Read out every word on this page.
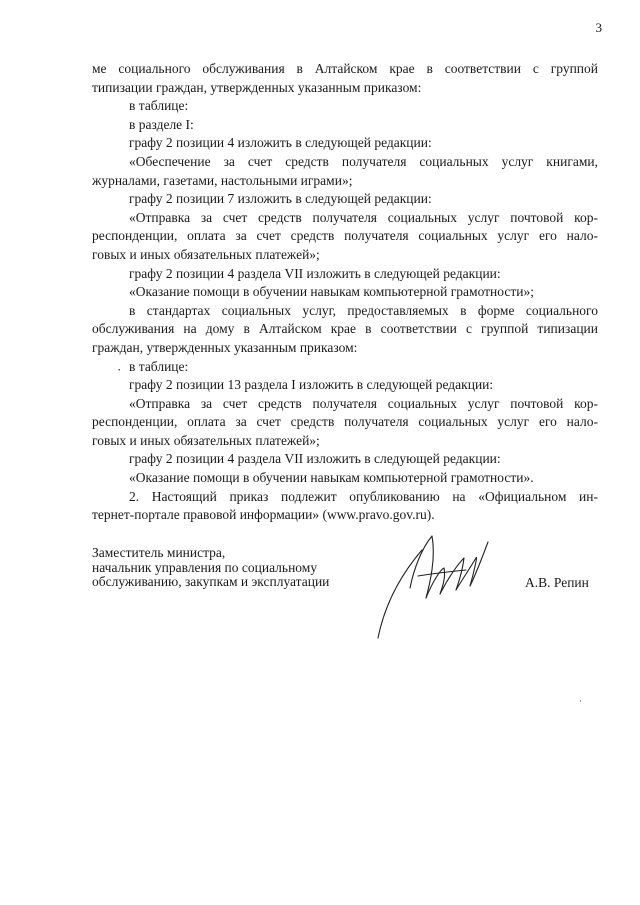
3
ме социального обслуживания в Алтайском крае в соответствии с группой
типизации граждан, утвержденных указанным приказом:
в таблице:
в разделе I:
графу 2 позиции 4 изложить в следующей редакции:
«Обеспечение за счет средств получателя социальных услуг книгами,
журналами, газетами, настольными играми»;
графу 2 позиции 7 изложить в следующей редакции:
«Отправка за счет средств получателя социальных услуг почтовой кор-
респонденции, оплата за счет средств получателя социальных услуг его нало-
говых и иных обязательных платежей»;
графу 2 позиции 4 раздела VII изложить в следующей редакции:
«Оказание помощи в обучении навыкам компьютерной грамотности»;
в стандартах социальных услуг, предоставляемых в форме социального
обслуживания на дому в Алтайском крае в соответствии с группой типизации
граждан, утвержденных указанным приказом:
в таблице:
графу 2 позиции 13 раздела I изложить в следующей редакции:
«Отправка за счет средств получателя социальных услуг почтовой кор-
респонденции, оплата за счет средств получателя социальных услуг его нало-
говых и иных обязательных платежей»;
графу 2 позиции 4 раздела VII изложить в следующей редакции:
«Оказание помощи в обучении навыкам компьютерной грамотности».
2. Настоящий приказ подлежит опубликованию на «Официальном ин-
тернет-портале правовой информации» (www.pravo.gov.ru).
·
Заместитель министра,
начальник управления по социальному
обслуживанию, закупкам и эксплуатации	А.В. Репин
